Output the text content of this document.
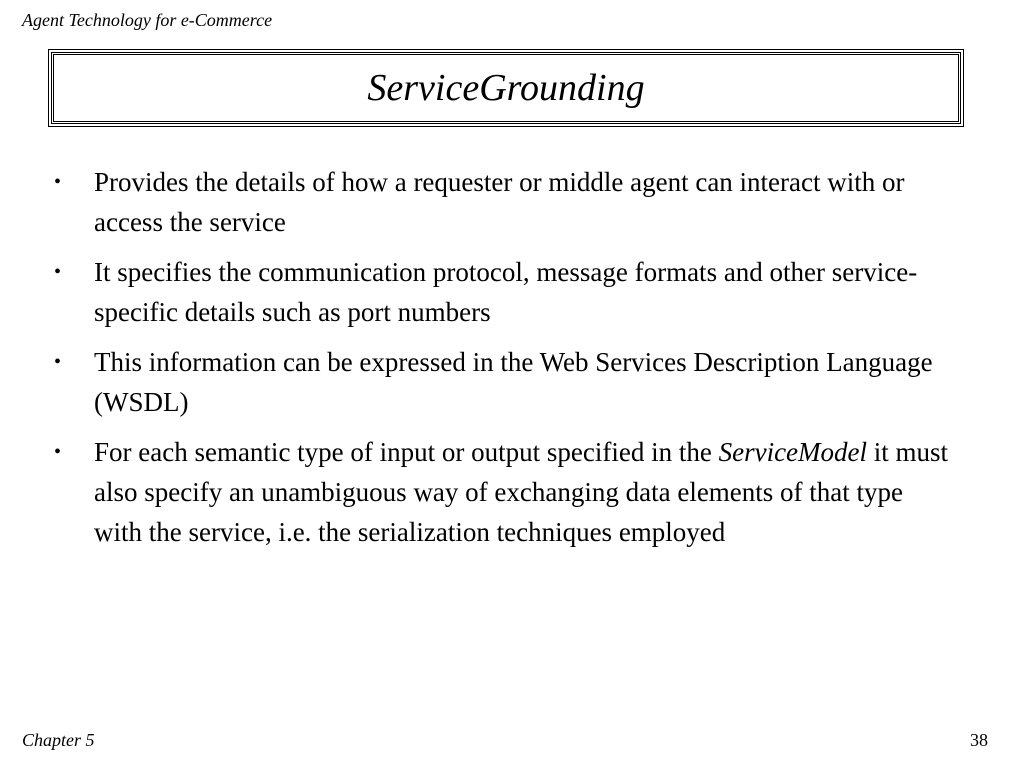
Agent Technology for e-Commerce
ServiceGrounding
• Provides the details of how a requester or middle agent can interact with or access the service
• It specifies the communication protocol, message formats and other service-specific details such as port numbers
• This information can be expressed in the Web Services Description Language (WSDL)
• For each semantic type of input or output specified in the ServiceModel it must also specify an unambiguous way of exchanging data elements of that type with the service, i.e. the serialization techniques employed
Chapter 5	38
